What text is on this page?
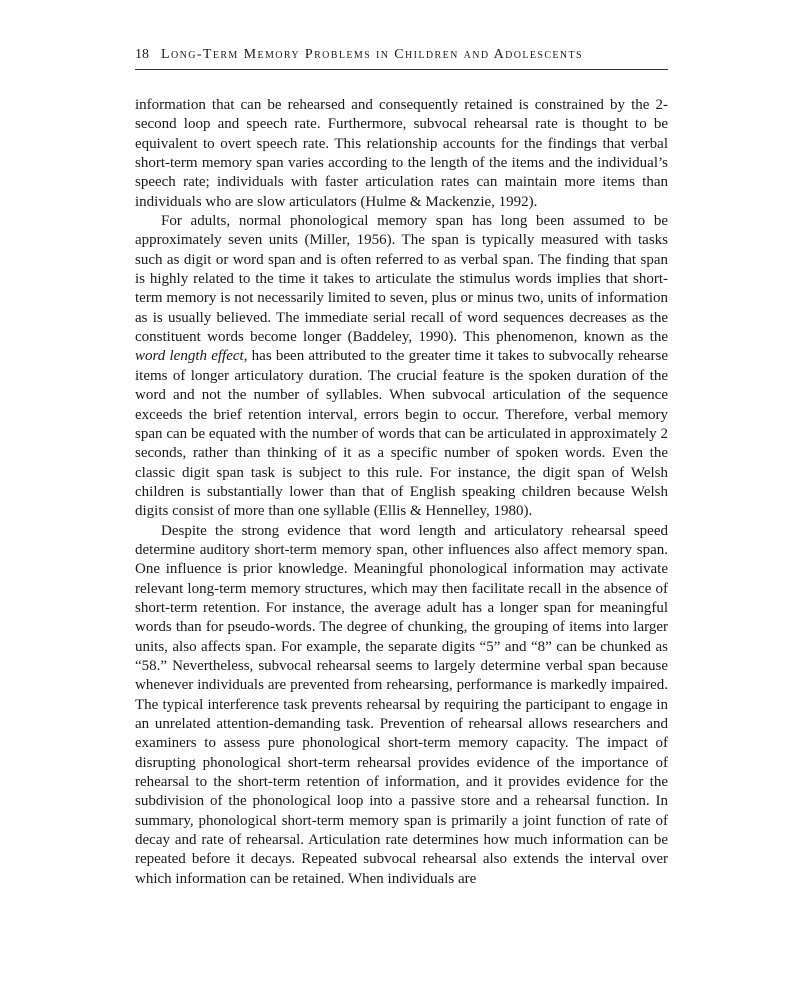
18 Long-Term Memory Problems in Children and Adolescents

information that can be rehearsed and consequently retained is constrained by the 2-second loop and speech rate. Furthermore, subvocal rehearsal rate is thought to be equivalent to overt speech rate. This relationship accounts for the findings that verbal short-term memory span varies according to the length of the items and the individual’s speech rate; individuals with faster articulation rates can maintain more items than individuals who are slow articulators (Hulme & Mackenzie, 1992).

For adults, normal phonological memory span has long been assumed to be approximately seven units (Miller, 1956). The span is typically measured with tasks such as digit or word span and is often referred to as verbal span. The finding that span is highly related to the time it takes to articulate the stimulus words implies that short-term memory is not necessarily limited to seven, plus or minus two, units of information as is usually believed. The immediate serial recall of word sequences decreases as the constituent words become longer (Baddeley, 1990). This phenomenon, known as the word length effect, has been attributed to the greater time it takes to subvocally rehearse items of longer articulatory duration. The crucial feature is the spoken duration of the word and not the number of syllables. When subvocal articulation of the sequence exceeds the brief retention interval, errors begin to occur. Therefore, verbal memory span can be equated with the number of words that can be articulated in approximately 2 seconds, rather than thinking of it as a specific number of spoken words. Even the classic digit span task is subject to this rule. For instance, the digit span of Welsh children is substantially lower than that of English speaking children because Welsh digits consist of more than one syllable (Ellis & Hennelley, 1980).

Despite the strong evidence that word length and articulatory rehearsal speed determine auditory short-term memory span, other influences also affect memory span. One influence is prior knowledge. Meaningful phonological information may activate relevant long-term memory structures, which may then facilitate recall in the absence of short-term retention. For instance, the average adult has a longer span for meaningful words than for pseudo-words. The degree of chunking, the grouping of items into larger units, also affects span. For example, the separate digits “5” and “8” can be chunked as “58.” Nevertheless, subvocal rehearsal seems to largely determine verbal span because whenever individuals are prevented from rehearsing, performance is markedly impaired. The typical interference task prevents rehearsal by requiring the participant to engage in an unrelated attention-demanding task. Prevention of rehearsal allows researchers and examiners to assess pure phonological short-term memory capacity. The impact of disrupting phonological short-term rehearsal provides evidence of the importance of rehearsal to the short-term retention of information, and it provides evidence for the subdivision of the phonological loop into a passive store and a rehearsal function. In summary, phonological short-term memory span is primarily a joint function of rate of decay and rate of rehearsal. Articulation rate determines how much information can be repeated before it decays. Repeated subvocal rehearsal also extends the interval over which information can be retained. When individuals are
